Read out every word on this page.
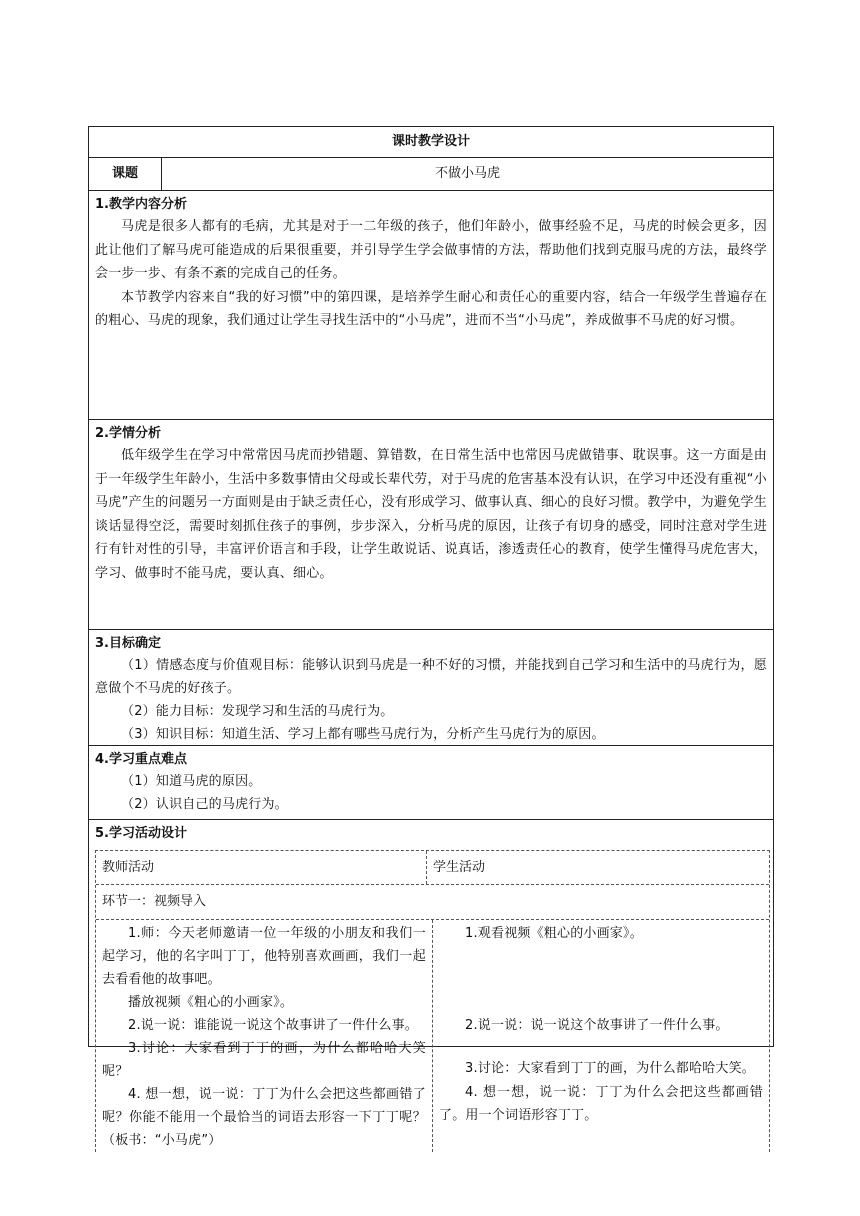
课时教学设计
课题	不做小马虎
1.教学内容分析

马虎是很多人都有的毛病，尤其是对于一二年级的孩子，他们年龄小，做事经验不足，马虎的时候会更多，因此让他们了解马虎可能造成的后果很重要，并引导学生学会做事情的方法，帮助他们找到克服马虎的方法，最终学会一步一步、有条不紊的完成自己的任务。

本节教学内容来自“我的好习惯”中的第四课，是培养学生耐心和责任心的重要内容，结合一年级学生普遍存在的粗心、马虎的现象，我们通过让学生寻找生活中的“小马虎”，进而不当“小马虎”，养成做事不马虎的好习惯。

2.学情分析

低年级学生在学习中常常因马虎而抄错题、算错数，在日常生活中也常因马虎做错事、耽误事。这一方面是由于一年级学生年龄小，生活中多数事情由父母或长辈代劳，对于马虎的危害基本没有认识，在学习中还没有重视“小马虎”产生的问题另一方面则是由于缺乏责任心，没有形成学习、做事认真、细心的良好习惯。教学中，为避免学生谈话显得空泛，需要时刻抓住孩子的事例，步步深入，分析马虎的原因，让孩子有切身的感受，同时注意对学生进行有针对性的引导，丰富评价语言和手段，让学生敢说话、说真话，渗透责任心的教育，使学生懂得马虎危害大，学习、做事时不能马虎，要认真、细心。

3.目标确定

（1）情感态度与价值观目标：能够认识到马虎是一种不好的习惯，并能找到自己学习和生活中的马虎行为，愿意做个不马虎的好孩子。

（2）能力目标：发现学习和生活的马虎行为。

（3）知识目标：知道生活、学习上都有哪些马虎行为，分析产生马虎行为的原因。

4.学习重点难点

（1）知道马虎的原因。

（2）认识自己的马虎行为。

5.学习活动设计
教师活动	学生活动
环节一：视频导入

1.师：今天老师邀请一位一年级的小朋友和我们一起学习，他的名字叫丁丁，他特别喜欢画画，我们一起去看看他的故事吧。

播放视频《粗心的小画家》。

2.说一说：谁能说一说这个故事讲了一件什么事。

3.讨论：大家看到丁丁的画，为什么都哈哈大笑呢？

4. 想一想，说一说：丁丁为什么会把这些都画错了呢？你能不能用一个最恰当的词语去形容一下丁丁呢？（板书：“小马虎”）

1.观看视频《粗心的小画家》。

2.说一说：说一说这个故事讲了一件什么事。

3.讨论：大家看到丁丁的画，为什么都哈哈大笑。

4. 想一想，说一说：丁丁为什么会把这些都画错了。用一个词语形容丁丁。
